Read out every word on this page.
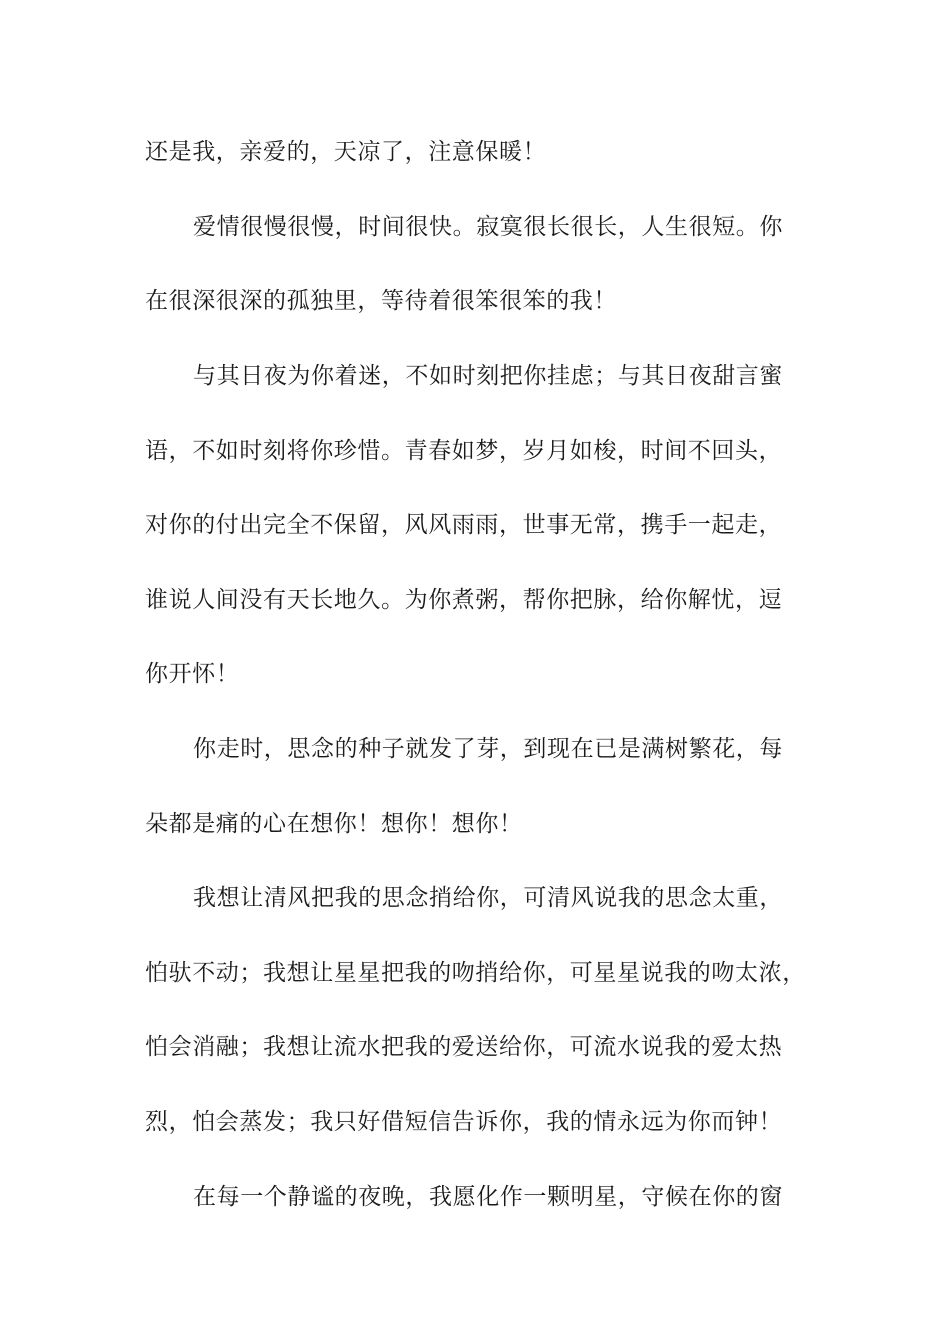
还是我，亲爱的，天凉了，注意保暖！

爱情很慢很慢，时间很快。寂寞很长很长，人生很短。你

在很深很深的孤独里，等待着很笨很笨的我！

与其日夜为你着迷，不如时刻把你挂虑；与其日夜甜言蜜

语，不如时刻将你珍惜。青春如梦，岁月如梭，时间不回头，

对你的付出完全不保留，风风雨雨，世事无常，携手一起走，

谁说人间没有天长地久。为你煮粥，帮你把脉，给你解忧，逗

你开怀！

你走时，思念的种子就发了芽，到现在已是满树繁花，每

朵都是痛的心在想你！想你！想你！

我想让清风把我的思念捎给你，可清风说我的思念太重，

怕驮不动；我想让星星把我的吻捎给你，可星星说我的吻太浓，

怕会消融；我想让流水把我的爱送给你，可流水说我的爱太热

烈，怕会蒸发；我只好借短信告诉你，我的情永远为你而钟！

在每一个静谧的夜晚，我愿化作一颗明星，守候在你的窗
